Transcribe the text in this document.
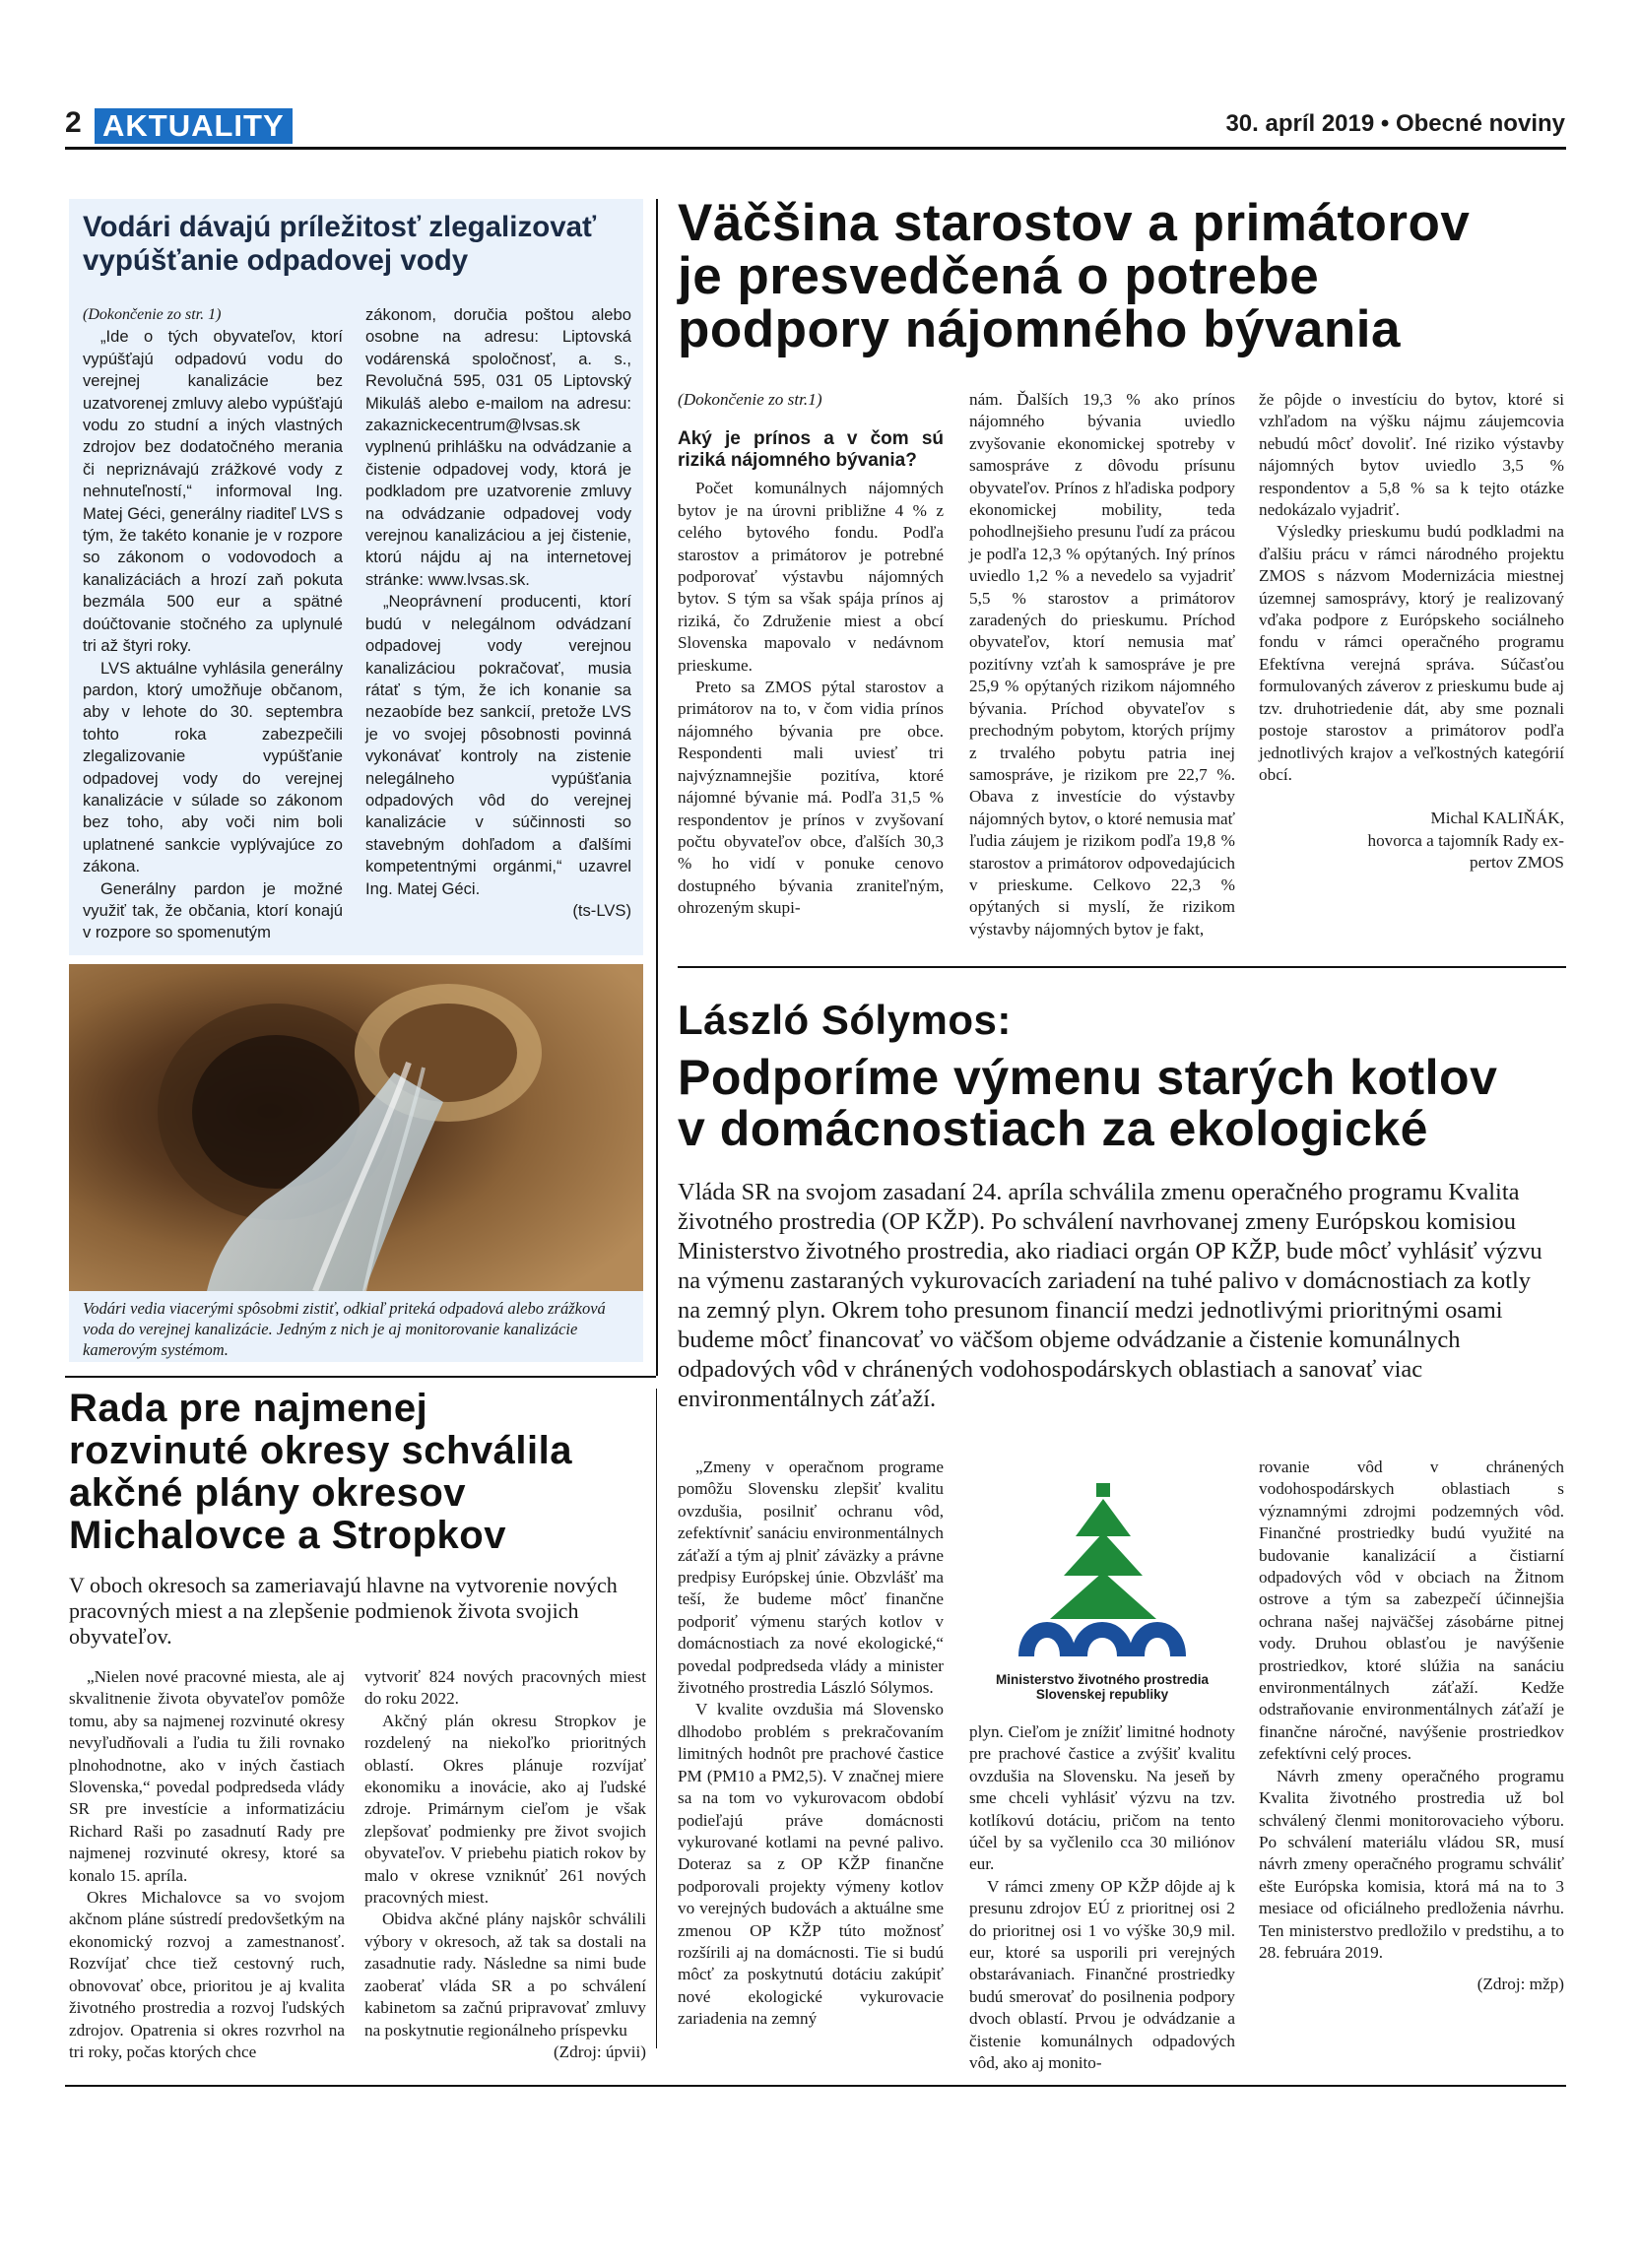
2 AKTUALITY	30. apríl 2019 • Obecné noviny
Vodári dávajú príležitosť zlegalizovať
vypúšťanie odpadovej vody

(Dokončenie zo str. 1)

„Ide o tých obyvateľov, ktorí vypúšťajú odpadovú vodu do verejnej kanalizácie bez uzatvorenej zmluvy alebo vypúšťajú vodu zo studní a iných vlastných zdrojov bez dodatočného merania či nepriznávajú zrážkové vody z nehnuteľností,“ informoval Ing. Matej Géci, generálny riaditeľ LVS s tým, že takéto konanie je v rozpore so zákonom o vodovodoch a kanalizáciách a hrozí zaň pokuta bezmála 500 eur a spätné doúčtovanie stočného za uplynulé tri až štyri roky.

LVS aktuálne vyhlásila generálny pardon, ktorý umožňuje občanom, aby v lehote do 30. septembra tohto roka zabezpečili zlegalizovanie vypúšťanie odpadovej vody do verejnej kanalizácie v súlade so zákonom bez toho, aby voči nim boli uplatnené sankcie vyplývajúce zo zákona.

Generálny pardon je možné využiť tak, že občania, ktorí konajú v rozpore so spomenutým

zákonom, doručia poštou alebo osobne na adresu: Liptovská vodárenská spoločnosť, a. s., Revolučná 595, 031 05 Liptovský Mikuláš alebo e-mailom na adresu: zakaznickecentrum@lvsas.sk vyplnenú prihlášku na odvádzanie a čistenie odpadovej vody, ktorá je podkladom pre uzatvorenie zmluvy na odvádzanie odpadovej vody verejnou kanalizáciou a jej čistenie, ktorú nájdu aj na internetovej stránke: www.lvsas.sk.

„Neoprávnení producenti, ktorí budú v nelegálnom odvádzaní odpadovej vody verejnou kanalizáciou pokračovať, musia rátať s tým, že ich konanie sa nezaobíde bez sankcií, pretože LVS je vo svojej pôsobnosti povinná vykonávať kontroly na zistenie nelegálneho vypúšťania odpadových vôd do verejnej kanalizácie v súčinnosti so stavebným dohľadom a ďalšími kompetentnými orgánmi,“ uzavrel Ing. Matej Géci.

(ts-LVS)

Vodári vedia viacerými spôsobmi zistiť, odkiaľ priteká odpadová alebo zrážková voda do verejnej kanalizácie. Jedným z nich je aj monitorovanie kanalizácie kamerovým systémom.
Väčšina starostov a primátorov
je presvedčená o potrebe
podpory nájomného bývania

(Dokončenie zo str.1)

Aký je prínos a v čom sú riziká nájomného bývania?

Počet komunálnych nájomných bytov je na úrovni približne 4 % z celého bytového fondu. Podľa starostov a primátorov je potrebné podporovať výstavbu nájomných bytov. S tým sa však spája prínos aj riziká, čo Združenie miest a obcí Slovenska mapovalo v nedávnom prieskume.

Preto sa ZMOS pýtal starostov a primátorov na to, v čom vidia prínos nájomného bývania pre obce. Respondenti mali uviesť tri najvýznamnejšie pozitíva, ktoré nájomné bývanie má. Podľa 31,5 % respondentov je prínos v zvyšovaní počtu obyvateľov obce, ďalších 30,3 % ho vidí v ponuke cenovo dostupného bývania zraniteľným, ohrozeným skupi-

nám. Ďalších 19,3 % ako prínos nájomného bývania uviedlo zvyšovanie ekonomickej spotreby v samospráve z dôvodu prísunu obyvateľov. Prínos z hľadiska podpory ekonomickej mobility, teda pohodlnejšieho presunu ľudí za prácou je podľa 12,3 % opýtaných. Iný prínos uviedlo 1,2 % a nevedelo sa vyjadriť 5,5 % starostov a primátorov zaradených do prieskumu. Príchod obyvateľov, ktorí nemusia mať pozitívny vzťah k samospráve je pre 25,9 % opýtaných rizikom nájomného bývania. Príchod obyvateľov s prechodným pobytom, ktorých príjmy z trvalého pobytu patria inej samospráve, je rizikom pre 22,7 %. Obava z investície do výstavby nájomných bytov, o ktoré nemusia mať ľudia záujem je rizikom podľa 19,8 % starostov a primátorov odpovedajúcich v prieskume. Celkovo 22,3 % opýtaných si myslí, že rizikom výstavby nájomných bytov je fakt,

že pôjde o investíciu do bytov, ktoré si vzhľadom na výšku nájmu záujemcovia nebudú môcť dovoliť. Iné riziko výstavby nájomných bytov uviedlo 3,5 % respondentov a 5,8 % sa k tejto otázke nedokázalo vyjadriť.

Výsledky prieskumu budú podkladmi na ďalšiu prácu v rámci národného projektu ZMOS s názvom Modernizácia miestnej územnej samosprávy, ktorý je realizovaný vďaka podpore z Európskeho sociálneho fondu v rámci operačného programu Efektívna verejná správa. Súčasťou formulovaných záverov z prieskumu bude aj tzv. druhotriedenie dát, aby sme poznali postoje starostov a primátorov podľa jednotlivých krajov a veľkostných kategórií obcí.

Michal KALIŇÁK,

hovorca a tajomník Rady ex-

pertov ZMOS

László Sólymos:
Podporíme výmenu starých kotlov
v domácnostiach za ekologické
Vláda SR na svojom zasadaní 24. apríla schválila zmenu operačného programu Kvalita životného prostredia (OP KŽP). Po schválení navrhovanej zmeny Európskou komisiou Ministerstvo životného prostredia, ako riadiaci orgán OP KŽP, bude môcť vyhlásiť výzvu na výmenu zastaraných vykurovacích zariadení na tuhé palivo v domácnostiach za kotly na zemný plyn. Okrem toho presunom financií medzi jednotlivými prioritnými osami budeme môcť financovať vo väčšom objeme odvádzanie a čistenie komunálnych odpadových vôd v chránených vodohospodárskych oblastiach a sanovať viac environmentálnych záťaží.

„Zmeny v operačnom programe pomôžu Slovensku zlepšiť kvalitu ovzdušia, posilniť ochranu vôd, zefektívniť sanáciu environmentálnych záťaží a tým aj plniť záväzky a právne predpisy Európskej únie. Obzvlášť ma teší, že budeme môcť finančne podporiť výmenu starých kotlov v domácnostiach za nové ekologické,“ povedal podpredseda vlády a minister životného prostredia László Sólymos.

V kvalite ovzdušia má Slovensko dlhodobo problém s prekračovaním limitných hodnôt pre prachové častice PM (PM10 a PM2,5). V značnej miere sa na tom vo vykurovacom období podieľajú práve domácnosti vykurované kotlami na pevné palivo. Doteraz sa z OP KŽP finančne podporovali projekty výmeny kotlov vo verejných budovách a aktuálne sme zmenou OP KŽP túto možnosť rozšírili aj na domácnosti. Tie si budú môcť za poskytnutú dotáciu zakúpiť nové ekologické vykurovacie zariadenia na zemný

Ministerstvo životného prostredia
Slovenskej republiky

plyn. Cieľom je znížiť limitné hodnoty pre prachové častice a zvýšiť kvalitu ovzdušia na Slovensku. Na jeseň by sme chceli vyhlásiť výzvu na tzv. kotlíkovú dotáciu, pričom na tento účel by sa vyčlenilo cca 30 miliónov eur.

V rámci zmeny OP KŽP dôjde aj k presunu zdrojov EÚ z prioritnej osi 2 do prioritnej osi 1 vo výške 30,9 mil. eur, ktoré sa usporili pri verejných obstarávaniach. Finančné prostriedky budú smerovať do posilnenia podpory dvoch oblastí. Prvou je odvádzanie a čistenie komunálnych odpadových vôd, ako aj monito-

rovanie vôd v chránených vodohospodárskych oblastiach s významnými zdrojmi podzemných vôd. Finančné prostriedky budú využité na budovanie kanalizácií a čistiarní odpadových vôd v obciach na Žitnom ostrove a tým sa zabezpečí účinnejšia ochrana našej najväčšej zásobárne pitnej vody. Druhou oblasťou je navýšenie prostriedkov, ktoré slúžia na sanáciu environmentálnych záťaží. Kedže odstraňovanie environmentálnych záťaží je finančne náročné, navýšenie prostriedkov zefektívni celý proces.

Návrh zmeny operačného programu Kvalita životného prostredia už bol schválený členmi monitorovacieho výboru. Po schválení materiálu vládou SR, musí návrh zmeny operačného programu schváliť ešte Európska komisia, ktorá má na to 3 mesiace od oficiálneho predloženia návrhu. Ten ministerstvo predložilo v predstihu, a to 28. februára 2019.

(Zdroj: mžp)

Rada pre najmenej
rozvinuté okresy schválila
akčné plány okresov
Michalovce a Stropkov
V oboch okresoch sa zameriavajú hlavne na vytvorenie nových pracovných miest a na zlepšenie podmienok života svojich obyvateľov.

„Nielen nové pracovné miesta, ale aj skvalitnenie života obyvateľov pomôže tomu, aby sa najmenej rozvinuté okresy nevyľudňovali a ľudia tu žili rovnako plnohodnotne, ako v iných častiach Slovenska,“ povedal podpredseda vlády SR pre investície a informatizáciu Richard Raši po zasadnutí Rady pre najmenej rozvinuté okresy, ktoré sa konalo 15. apríla.

Okres Michalovce sa vo svojom akčnom pláne sústredí predovšetkým na ekonomický rozvoj a zamestnanosť. Rozvíjať chce tiež cestovný ruch, obnovovať obce, prioritou je aj kvalita životného prostredia a rozvoj ľudských zdrojov. Opatrenia si okres rozvrhol na tri roky, počas ktorých chce

vytvoriť 824 nových pracovných miest do roku 2022.

Akčný plán okresu Stropkov je rozdelený na niekoľko prioritných oblastí. Okres plánuje rozvíjať ekonomiku a inovácie, ako aj ľudské zdroje. Primárnym cieľom je však zlepšovať podmienky pre život svojich obyvateľov. V priebehu piatich rokov by malo v okrese vzniknúť 261 nových pracovných miest.

Obidva akčné plány najskôr schválili výbory v okresoch, až tak sa dostali na zasadnutie rady. Následne sa nimi bude zaoberať vláda SR a po schválení kabinetom sa začnú pripravovať zmluvy na poskytnutie regionálneho príspevku

(Zdroj: úpvii)
